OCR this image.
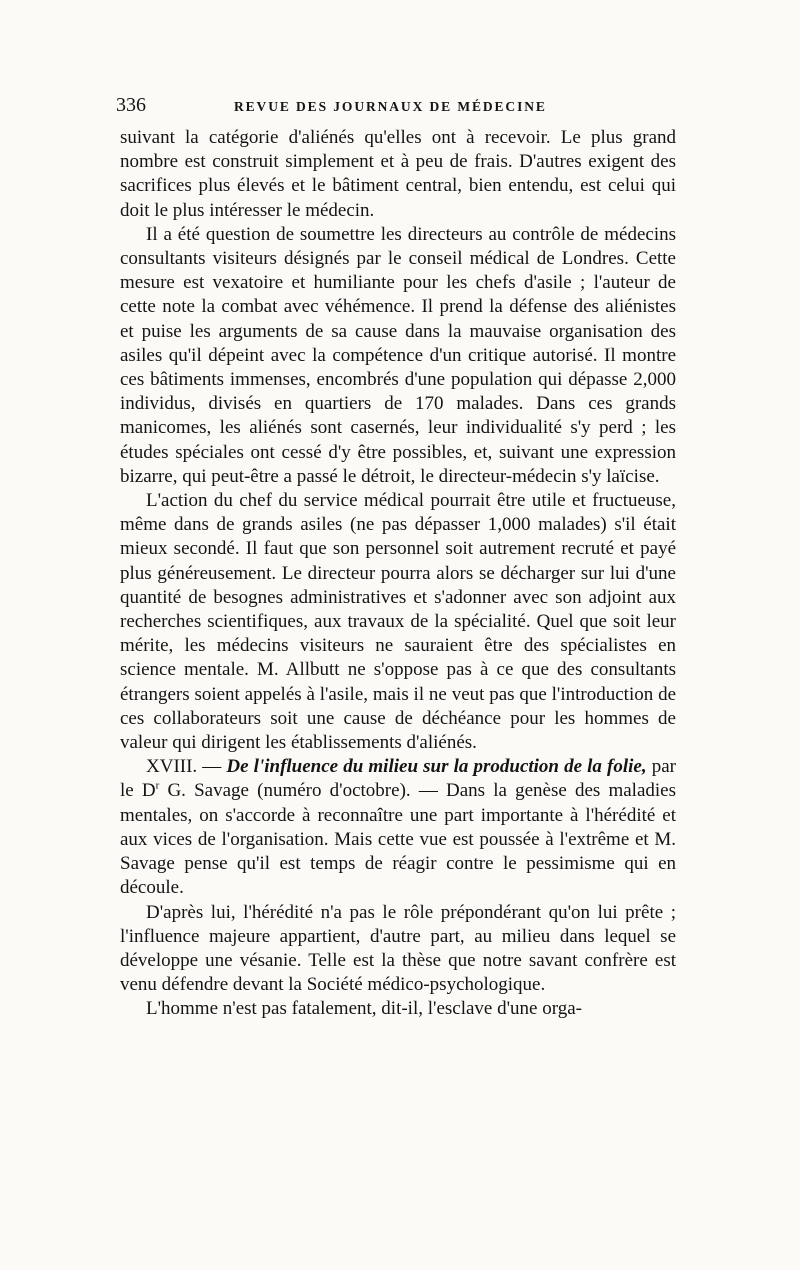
336	REVUE DES JOURNAUX DE MÉDECINE

suivant la catégorie d'aliénés qu'elles ont à recevoir. Le plus grand nombre est construit simplement et à peu de frais. D'autres exigent des sacrifices plus élevés et le bâtiment central, bien entendu, est celui qui doit le plus intéresser le médecin.

Il a été question de soumettre les directeurs au contrôle de médecins consultants visiteurs désignés par le conseil médical de Londres. Cette mesure est vexatoire et humiliante pour les chefs d'asile ; l'auteur de cette note la combat avec véhémence. Il prend la défense des aliénistes et puise les arguments de sa cause dans la mauvaise organisation des asiles qu'il dépeint avec la compétence d'un critique autorisé. Il montre ces bâtiments immenses, encombrés d'une population qui dépasse 2,000 individus, divisés en quartiers de 170 malades. Dans ces grands manicomes, les aliénés sont casernés, leur individualité s'y perd ; les études spéciales ont cessé d'y être possibles, et, suivant une expression bizarre, qui peut-être a passé le détroit, le directeur-médecin s'y laïcise.

L'action du chef du service médical pourrait être utile et fructueuse, même dans de grands asiles (ne pas dépasser 1,000 malades) s'il était mieux secondé. Il faut que son personnel soit autrement recruté et payé plus généreusement. Le directeur pourra alors se décharger sur lui d'une quantité de besognes administratives et s'adonner avec son adjoint aux recherches scientifiques, aux travaux de la spécialité. Quel que soit leur mérite, les médecins visiteurs ne sauraient être des spécialistes en science mentale. M. Allbutt ne s'oppose pas à ce que des consultants étrangers soient appelés à l'asile, mais il ne veut pas que l'introduction de ces collaborateurs soit une cause de déchéance pour les hommes de valeur qui dirigent les établissements d'aliénés.

XVIII. — De l'influence du milieu sur la production de la folie, par le $D^r$ G. Savage (numéro d'octobre). — Dans la genèse des maladies mentales, on s'accorde à reconnaître une part importante à l'hérédité et aux vices de l'organisation. Mais cette vue est poussée à l'extrême et M. Savage pense qu'il est temps de réagir contre le pessimisme qui en découle.

D'après lui, l'hérédité n'a pas le rôle prépondérant qu'on lui prête ; l'influence majeure appartient, d'autre part, au milieu dans lequel se développe une vésanie. Telle est la thèse que notre savant confrère est venu défendre devant la Société médico-psychologique.

L'homme n'est pas fatalement, dit-il, l'esclave d'une orga-
